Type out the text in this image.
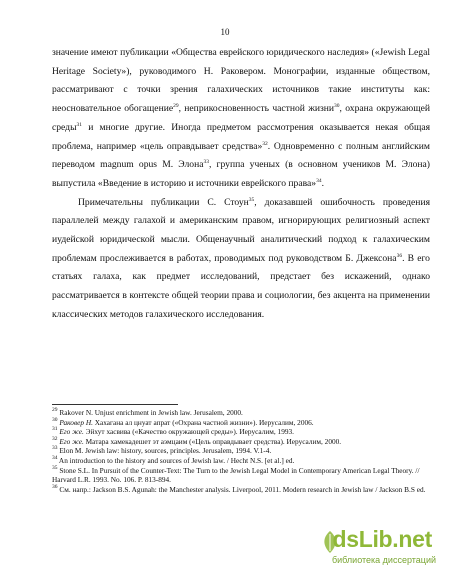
10

значение имеют публикации «Общества еврейского юридического наследия» («Jewish Legal Heritage Society»), руководимого Н. Раковером. Монографии, изданные обществом, рассматривают с точки зрения галахических источников такие институты как: неосновательное обогащение$^{29}$, неприкосновенность частной жизни$^{30}$, охрана окружающей среды$^{31}$ и многие другие. Иногда предметом рассмотрения оказывается некая общая проблема, например «цель оправдывает средства»$^{32}$. Одновременно с полным английским переводом magnum opus М. Элона$^{33}$, группа ученых (в основном учеников М. Элона) выпустила «Введение в историю и источники еврейского права»$^{34}$.

Примечательны публикации С. Стоун$^{35}$, доказавшей ошибочность проведения параллелей между галахой и американским правом, игнорирующих религиозный аспект иудейской юридической мысли. Общенаучный аналитический подход к галахическим проблемам прослеживается в работах, проводимых под руководством Б. Джексона$^{36}$. В его статьях галаха, как предмет исследований, предстает без искажений, однако рассматривается в контексте общей теории права и социологии, без акцента на применении классических методов галахического исследования.

$^{29}$ Rakover N. Unjust enrichment in Jewish law. Jerusalem, 2000.

$^{30}$ Раковер Н. Хахагана ал цнуат апрат («Охрана частной жизни»). Иерусалим, 2006.

$^{31}$ Его же. Эйхут хасвива («Качество окружающей среды»). Иерусалим, 1993.

$^{32}$ Его же. Матара хамекадешет эт аэмцаим («Цель оправдывает средства). Иерусалим, 2000.

$^{33}$ Elon M. Jewish law: history, sources, principles. Jerusalem, 1994. V.1-4.

$^{34}$ An introduction to the history and sources of Jewish law. / Hecht N.S. [et al.] ed.

$^{35}$ Stone S.L. In Pursuit of the Counter-Text: The Turn to the Jewish Legal Model in Contemporary American Legal Theory. // Harvard L.R. 1993. No. 106. P. 813-894.

$^{36}$ См. напр.: Jackson B.S. Agunah: the Manchester analysis. Liverpool, 2011. Modern research in Jewish law / Jackson B.S ed.

dsLib.net
библиотека диссертаций
